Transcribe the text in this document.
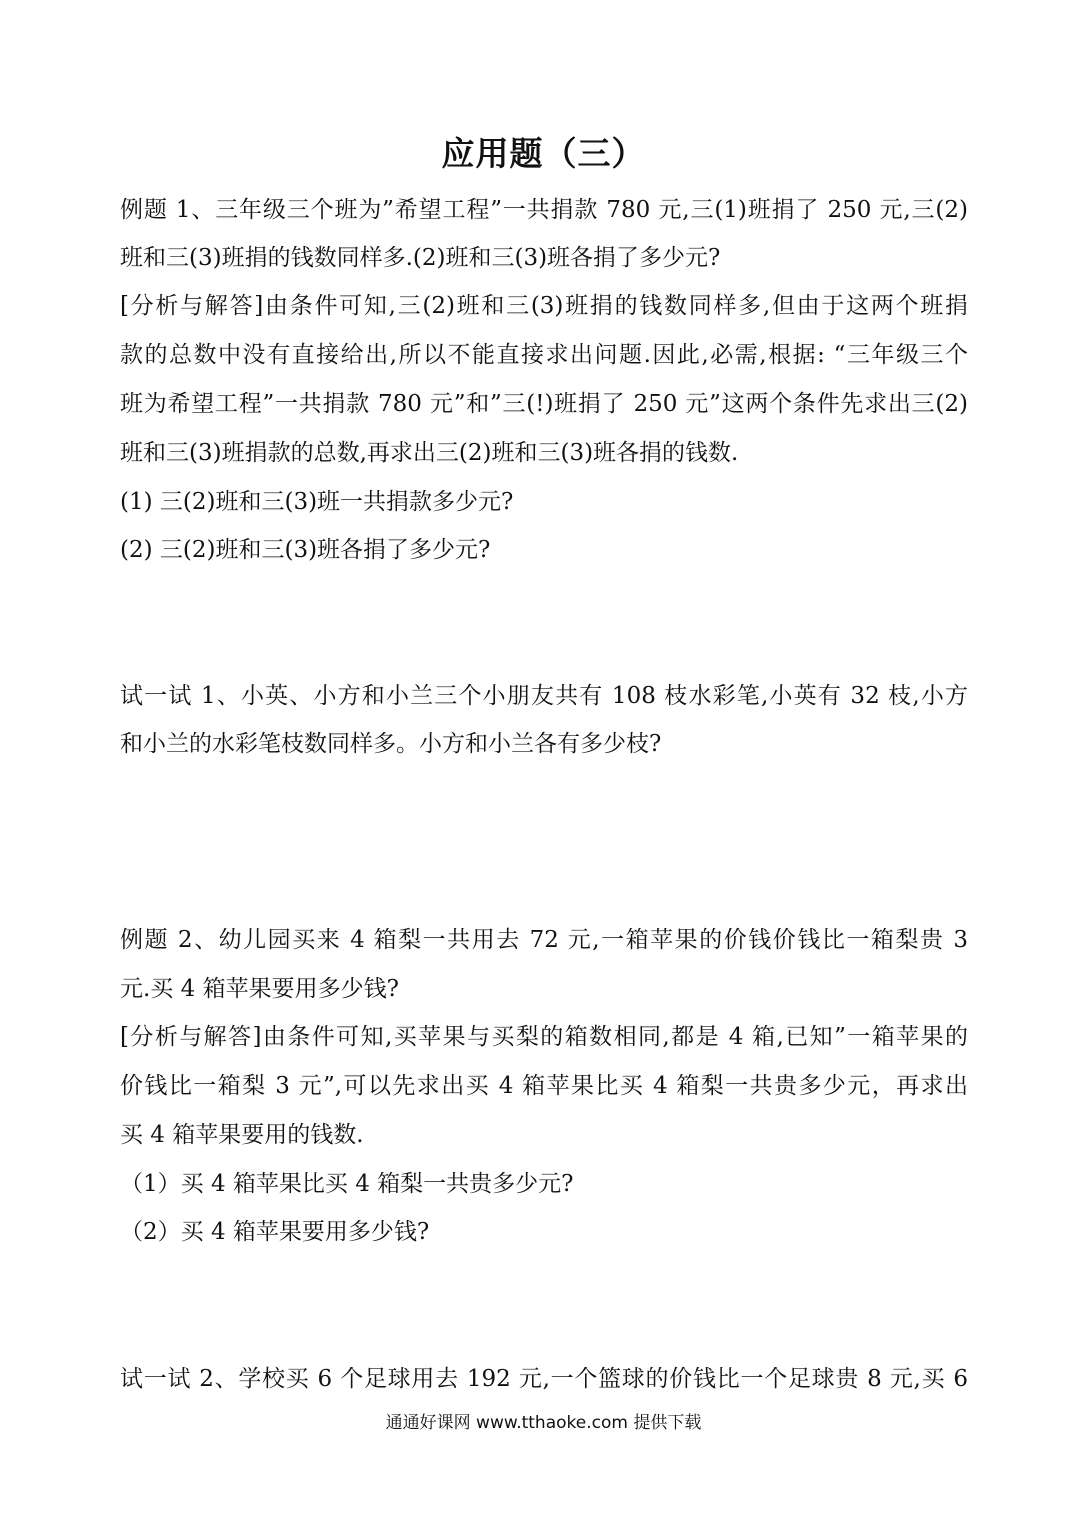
应用题（三）
例题 1、三年级三个班为”希望工程”一共捐款 780 元,三(1)班捐了 250 元,三(2)
班和三(3)班捐的钱数同样多.(2)班和三(3)班各捐了多少元?
[分析与解答]由条件可知,三(2)班和三(3)班捐的钱数同样多,但由于这两个班捐
款的总数中没有直接给出,所以不能直接求出问题.因此,必需,根据: “三年级三个
班为希望工程”一共捐款 780 元”和”三(!)班捐了 250 元”这两个条件先求出三(2)
班和三(3)班捐款的总数,再求出三(2)班和三(3)班各捐的钱数.
(1) 三(2)班和三(3)班一共捐款多少元?
(2) 三(2)班和三(3)班各捐了多少元?
试一试 1、小英、小方和小兰三个小朋友共有 108 枝水彩笔,小英有 32 枝,小方
和小兰的水彩笔枝数同样多。小方和小兰各有多少枝?
例题 2、幼儿园买来 4 箱梨一共用去 72 元,一箱苹果的价钱价钱比一箱梨贵 3
元.买 4 箱苹果要用多少钱?
[分析与解答]由条件可知,买苹果与买梨的箱数相同,都是 4 箱,已知”一箱苹果的
价钱比一箱梨 3 元”,可以先求出买 4 箱苹果比买 4 箱梨一共贵多少元，再求出
买 4 箱苹果要用的钱数.
（1）买 4 箱苹果比买 4 箱梨一共贵多少元?
（2）买 4 箱苹果要用多少钱?
试一试 2、学校买 6 个足球用去 192 元,一个篮球的价钱比一个足球贵 8 元,买 6
通通好课网 www.tthaoke.com 提供下载
